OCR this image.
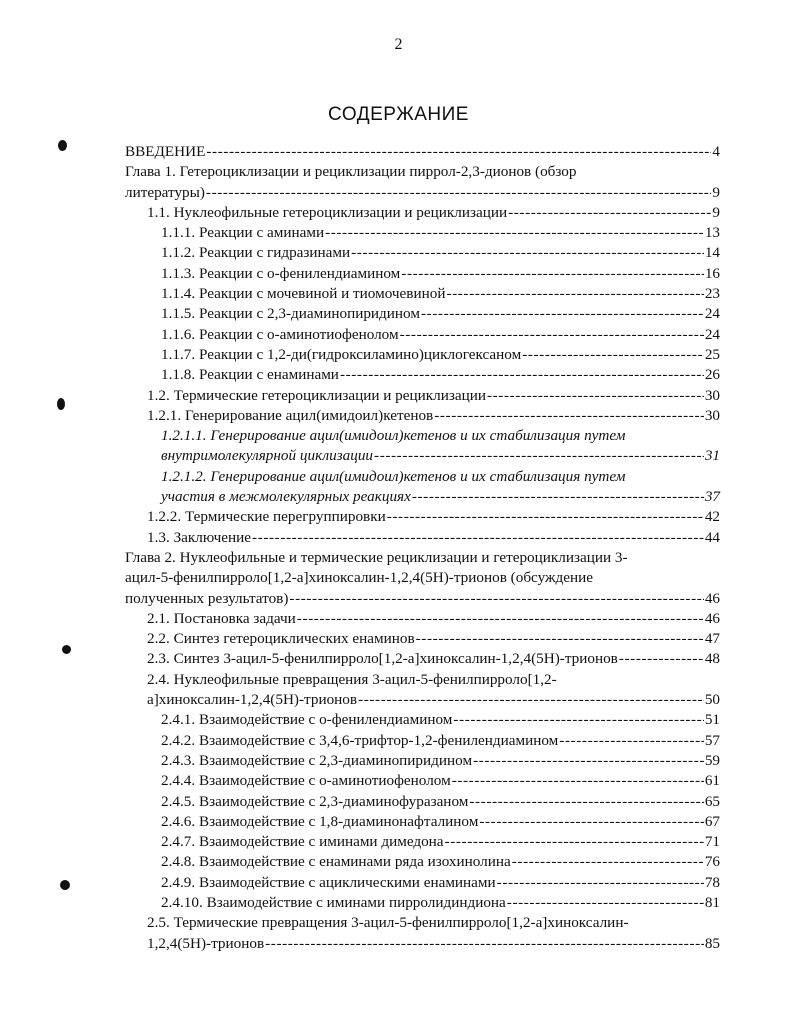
2
СОДЕРЖАНИЕ
ВВЕДЕНИЕ -----	4
Глава 1. Гетероциклизации и рециклизации пиррол-2,3-дионов (обзор
литературы) -----	9
1.1. Нуклеофильные гетероциклизации и рециклизации -----	9
1.1.1. Реакции с аминами -----	13
1.1.2. Реакции с гидразинами -----	14
1.1.3. Реакции с о-фенилендиамином -----	16
1.1.4. Реакции с мочевиной и тиомочевиной -----	23
1.1.5. Реакции с 2,3-диаминопиридином -----	24
1.1.6. Реакции с о-аминотиофенолом -----	24
1.1.7. Реакции с 1,2-ди(гидроксиламино)циклогексаном -----	25
1.1.8. Реакции с енаминами -----	26
1.2. Термические гетероциклизации и рециклизации -----	30
1.2.1. Генерирование ацил(имидоил)кетенов -----	30
1.2.1.1. Генерирование ацил(имидоил)кетенов и их стабилизация путем
внутримолекулярной циклизации -----	31
1.2.1.2. Генерирование ацил(имидоил)кетенов и их стабилизация путем
участия в межмолекулярных реакциях -----	37
1.2.2. Термические перегруппировки -----	42
1.3. Заключение -----	44
Глава 2. Нуклеофильные и термические рециклизации и гетероциклизации 3-
ацил-5-фенилпирроло[1,2-а]хиноксалин-1,2,4(5Н)-трионов (обсуждение
полученных результатов) -----	46
2.1. Постановка задачи -----	46
2.2. Синтез гетероциклических енаминов -----	47
2.3. Синтез 3-ацил-5-фенилпирроло[1,2-а]хиноксалин-1,2,4(5Н)-трионов -----	48
2.4. Нуклеофильные превращения 3-ацил-5-фенилпирроло[1,2-
а]хиноксалин-1,2,4(5Н)-трионов -----	50
2.4.1. Взаимодействие с о-фенилендиамином -----	51
2.4.2. Взаимодействие с 3,4,6-трифтор-1,2-фенилендиамином -----	57
2.4.3. Взаимодействие с 2,3-диаминопиридином -----	59
2.4.4. Взаимодействие с о-аминотиофенолом -----	61
2.4.5. Взаимодействие с 2,3-диаминофуразаном -----	65
2.4.6. Взаимодействие с 1,8-диаминонафталином -----	67
2.4.7. Взаимодействие с иминами димедона -----	71
2.4.8. Взаимодействие с енаминами ряда изохинолина -----	76
2.4.9. Взаимодействие с ациклическими енаминами -----	78
2.4.10. Взаимодействие с иминами пирролидиндиона -----	81
2.5. Термические превращения 3-ацил-5-фенилпирроло[1,2-а]хиноксалин-
1,2,4(5Н)-трионов -----	85
